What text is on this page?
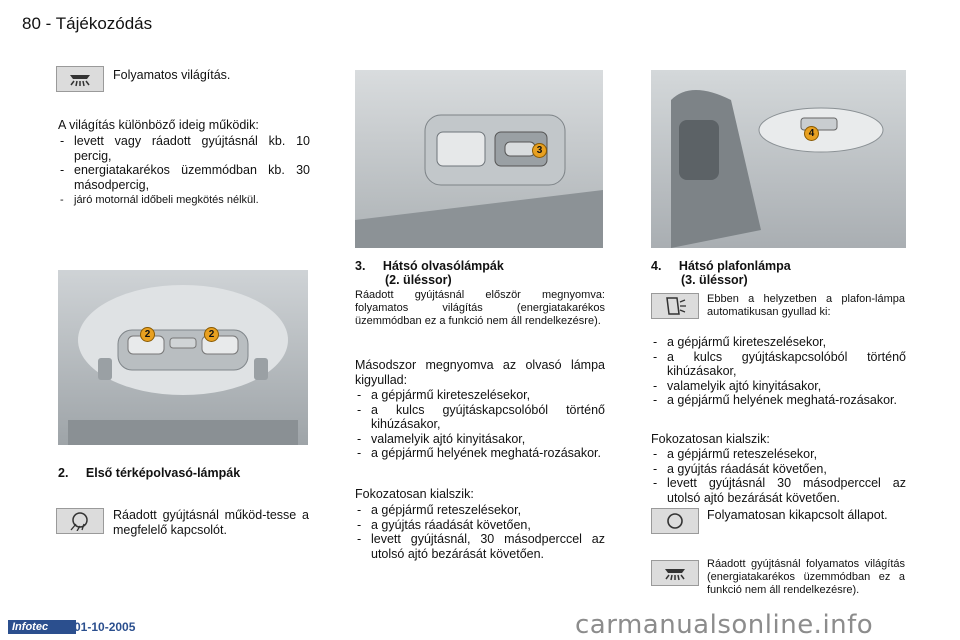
80 - Tájékozódás
Folyamatos világítás.
A világítás különböző ideig működik:
- levett vagy ráadott gyújtásnál kb. 10 percig,
- energiatakarékos üzemmódban kb. 30 másodpercig,
- járó motornál időbeli megkötés nélkül.
2	2
2. Első térképolvasó-lámpák
Ráadott gyújtásnál működ-tesse a megfelelő kapcsolót.
3
3. Hátsó olvasólámpák
(2. üléssor)
Ráadott gyújtásnál először megnyomva: folyamatos világítás (energiatakarékos üzemmódban ez a funkció nem áll rendelkezésre).
Másodszor megnyomva az olvasó lámpa kigyullad:
- a gépjármű kireteszelésekor,
- a kulcs gyújtáskapcsolóból történő kihúzásakor,
- valamelyik ajtó kinyitásakor,
- a gépjármű helyének meghatá-rozásakor.
Fokozatosan kialszik:
- a gépjármű reteszelésekor,
- a gyújtás ráadását követően,
- levett gyújtásnál, 30 másodperccel az utolsó ajtó bezárását követően.
4
4. Hátsó plafonlámpa
(3. üléssor)
Ebben a helyzetben a plafon-lámpa automatikusan gyullad ki:
- a gépjármű kireteszelésekor,
- a kulcs gyújtáskapcsolóból történő kihúzásakor,
- valamelyik ajtó kinyitásakor,
- a gépjármű helyének meghatá-rozásakor.
Fokozatosan kialszik:
- a gépjármű reteszelésekor,
- a gyújtás ráadását követően,
- levett gyújtásnál 30 másodperccel az utolsó ajtó bezárását követően.
Folyamatosan kikapcsolt állapot.
Ráadott gyújtásnál folyamatos világítás (energiatakarékos üzemmódban ez a funkció nem áll rendelkezésre).
Infotec	01-10-2005	carmanualsonline.info
